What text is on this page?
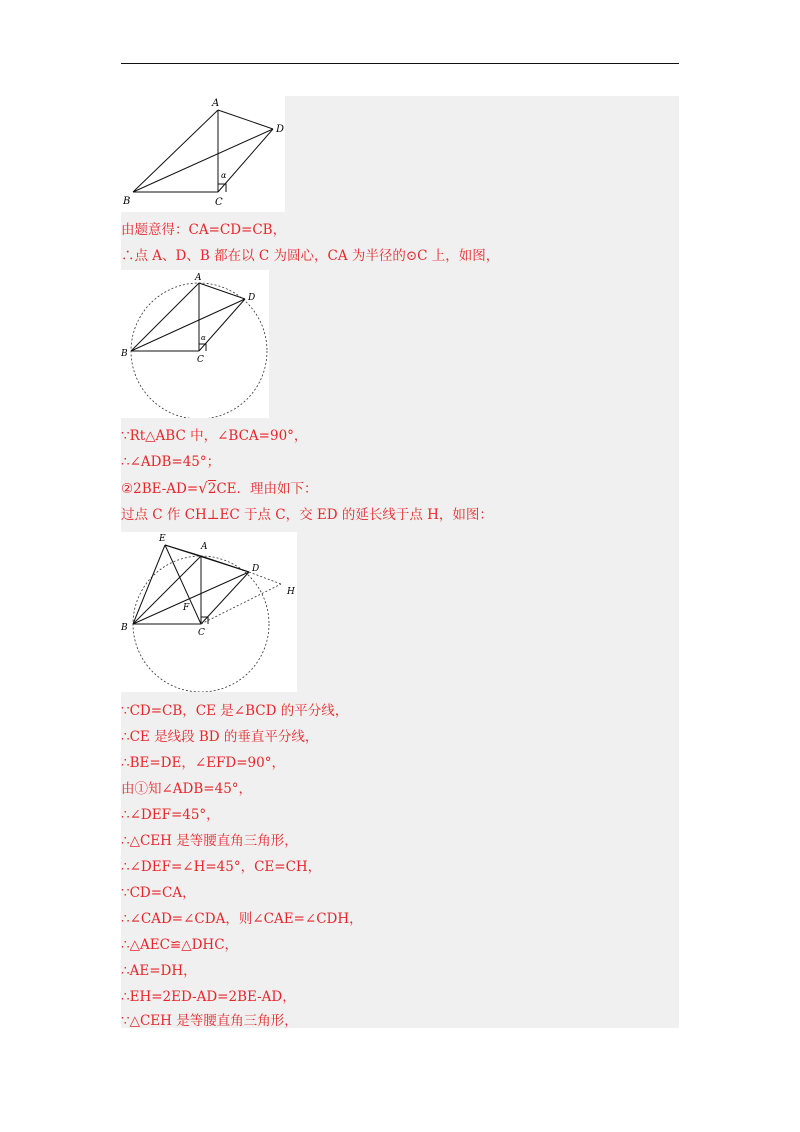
A
D
B	C
α
由题意得：CA=CD=CB，
∴点 A、D、B 都在以 C 为圆心，CA 为半径的⊙C 上，如图，
A
D
B
C
α
∵Rt△ABC 中，∠BCA=90°，
∴∠ADB=45°；
②2BE-AD=√2CE．理由如下：
过点 C 作 CH⊥EC 于点 C，交 ED 的延长线于点 H，如图：
E
A
D
H
F
B	C
∵CD=CB，CE 是∠BCD 的平分线，
∴CE 是线段 BD 的垂直平分线，
∴BE=DE，∠EFD=90°，
由①知∠ADB=45°，
∴∠DEF=45°，
∴△CEH 是等腰直角三角形，
∴∠DEF=∠H=45°，CE=CH，
∵CD=CA，
∴∠CAD=∠CDA，则∠CAE=∠CDH，
∴△AEC≌△DHC，
∴AE=DH，
∴EH=2ED-AD=2BE-AD，
∵△CEH 是等腰直角三角形，
